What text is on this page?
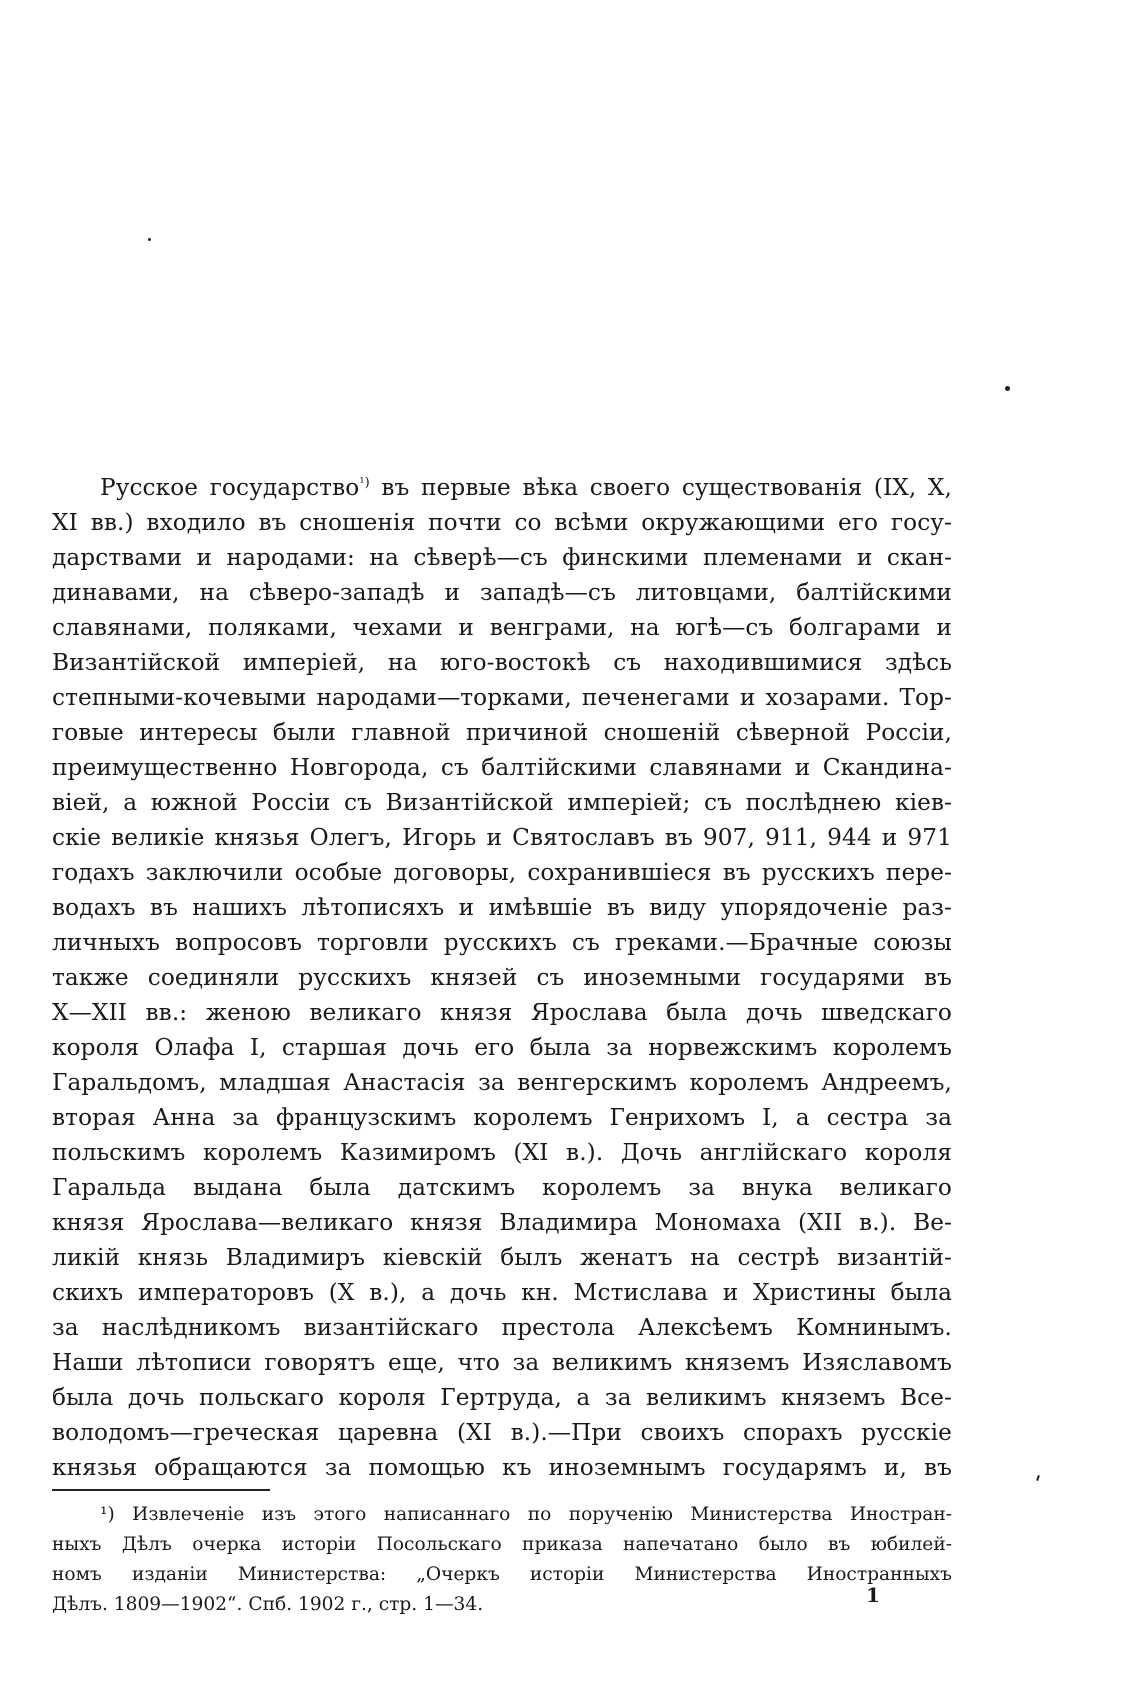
Русское государство$^{^1)}$ въ первые вѣка своего существованія (IX, X,
XI вв.) входило въ сношенія почти со всѣми окружающими его госу-
дарствами и народами: на сѣверѣ—съ финскими племенами и скан-
динавами, на сѣверо-западѣ и западѣ—съ литовцами, балтійскими
славянами, поляками, чехами и венграми, на югѣ—съ болгарами и
Византійской имперіей, на юго-востокѣ съ находившимися здѣсь
степными-кочевыми народами—торками, печенегами и хозарами. Тор-
говые интересы были главной причиной сношеній сѣверной Россіи,
преимущественно Новгорода, съ балтійскими славянами и Скандина-
віей, а южной Россіи съ Византійской имперіей; съ послѣднею кіев-
скіе великіе князья Олегъ, Игорь и Святославъ въ 907, 911, 944 и 971
годахъ заключили особые договоры, сохранившіеся въ русскихъ пере-
водахъ въ нашихъ лѣтописяхъ и имѣвшіе въ виду упорядоченіе раз-
личныхъ вопросовъ торговли русскихъ съ греками.—Брачные союзы
также соединяли русскихъ князей съ иноземными государями въ
X—XII вв.: женою великаго князя Ярослава была дочь шведскаго
короля Олафа I, старшая дочь его была за норвежскимъ королемъ
Гаральдомъ, младшая Анастасія за венгерскимъ королемъ Андреемъ,
вторая Анна за французскимъ королемъ Генрихомъ I, а сестра за
польскимъ королемъ Казимиромъ (XI в.). Дочь англійскаго короля
Гаральда выдана была датскимъ королемъ за внука великаго
князя Ярослава—великаго князя Владимира Мономаха (XII в.). Ве-
ликій князь Владимиръ кіевскій былъ женатъ на сестрѣ византій-
скихъ императоровъ (X в.), а дочь кн. Мстислава и Христины была
за наслѣдникомъ византійскаго престола Алексѣемъ Комнинымъ.
Наши лѣтописи говорятъ еще, что за великимъ княземъ Изяславомъ
была дочь польскаго короля Гертруда, а за великимъ княземъ Все-
володомъ—греческая царевна (XI в.).—При своихъ спорахъ русскіе
князья обращаются за помощью къ иноземнымъ государямъ и, въ
¹) Извлеченіе изъ этого написаннаго по порученію Министерства Иностран-
ныхъ Дѣлъ очерка исторіи Посольскаго приказа напечатано было въ юбилей-
номъ изданіи Министерства: „Очеркъ исторіи Министерства Иностранныхъ
Дѣлъ. 1809—1902“. Спб. 1902 г., стр. 1—34.	1
